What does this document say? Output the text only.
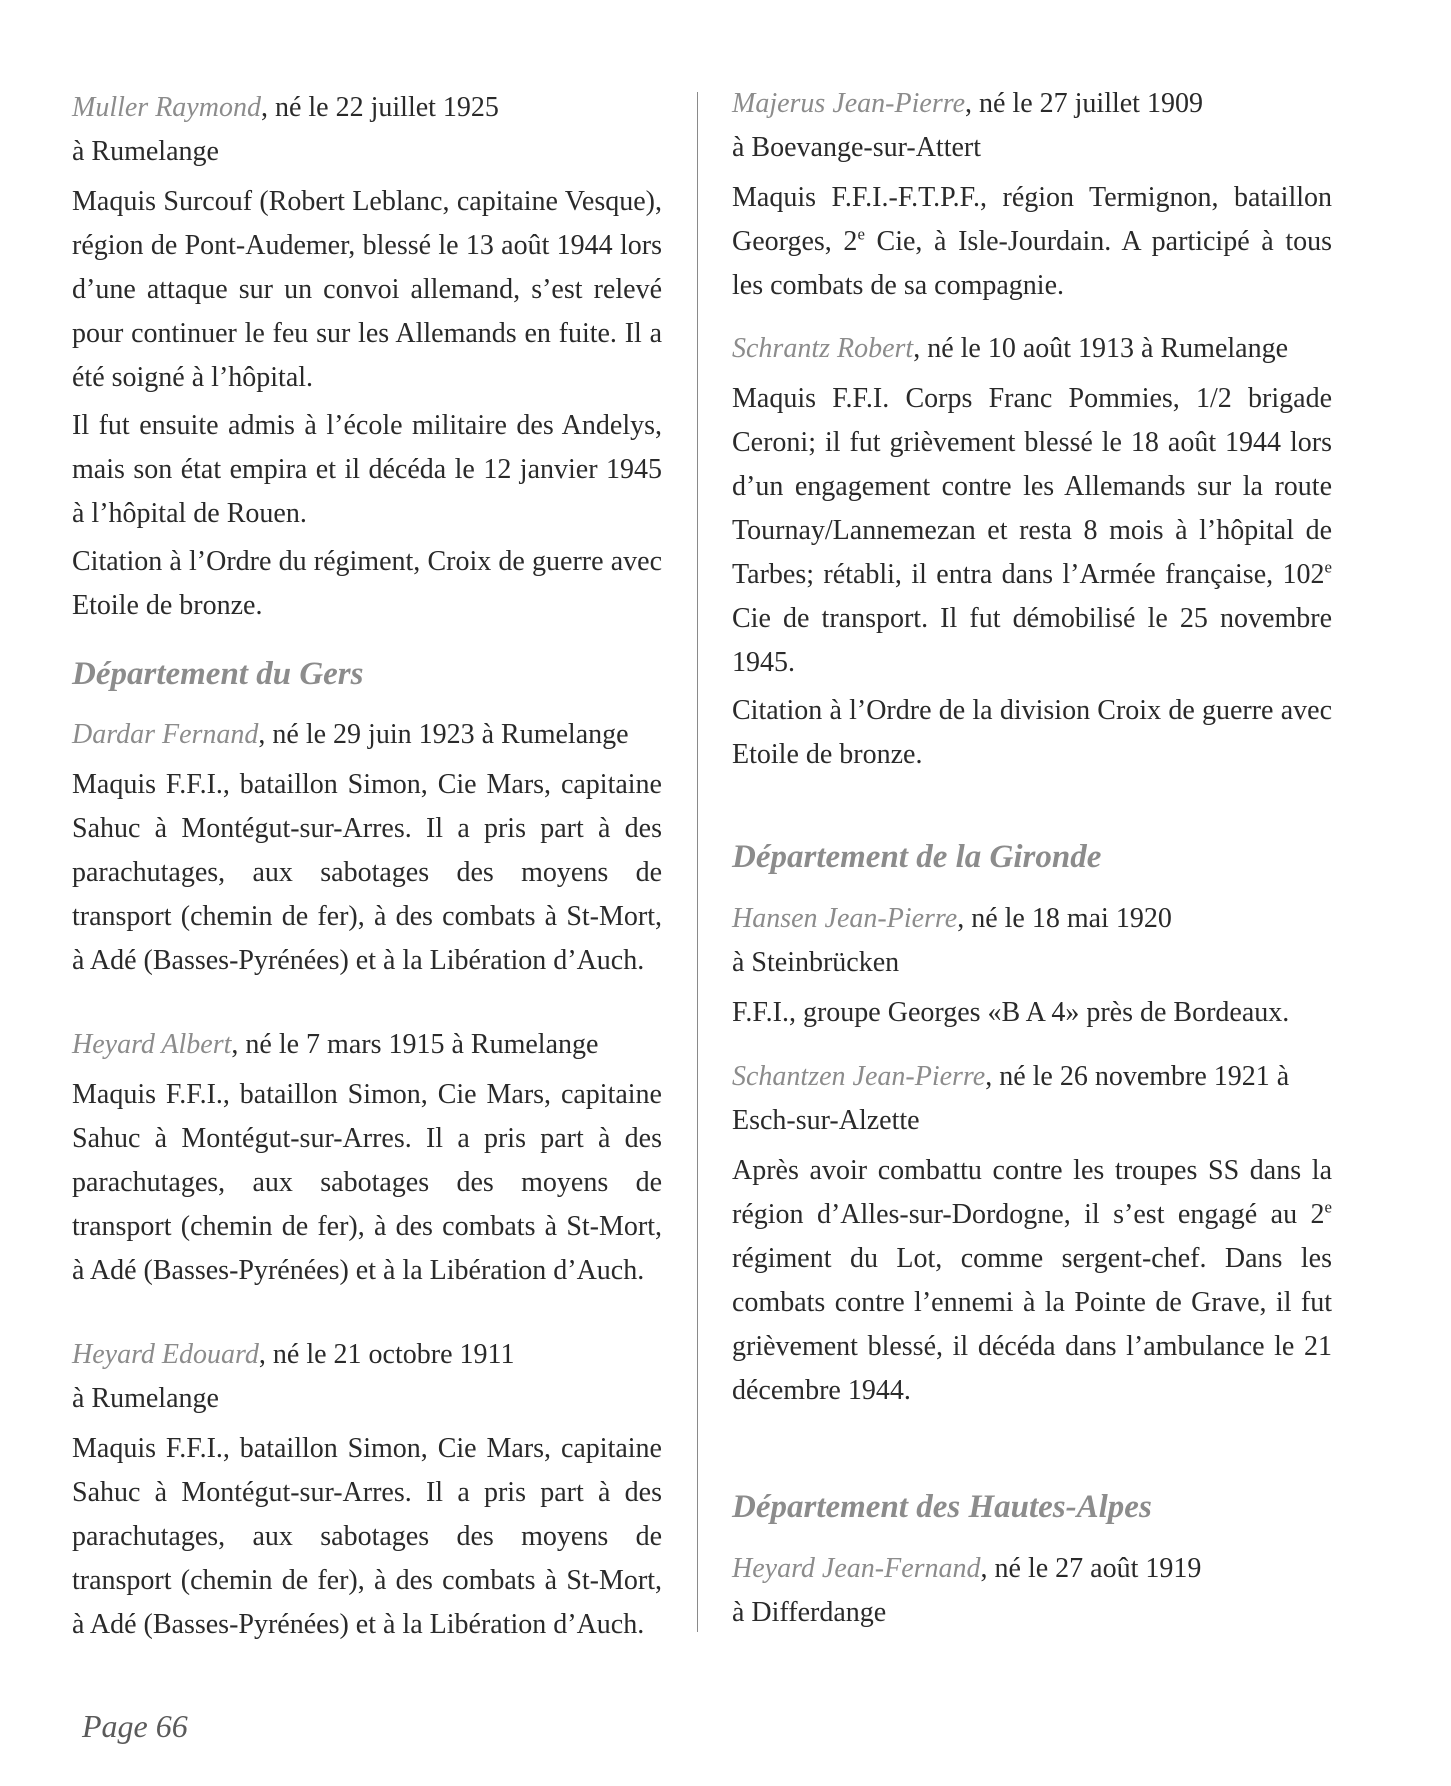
Muller Raymond, né le 22 juillet 1925

à Rumelange

Maquis Surcouf (Robert Leblanc, capitaine Vesque), région de Pont-Audemer, blessé le 13 août 1944 lors d’une attaque sur un convoi allemand, s’est relevé pour continuer le feu sur les Allemands en fuite. Il a été soigné à l’hôpital.

Il fut ensuite admis à l’école militaire des Andelys, mais son état empira et il décéda le 12 janvier 1945 à l’hôpital de Rouen.

Citation à l’Ordre du régiment, Croix de guerre avec Etoile de bronze.

Département du Gers

Dardar Fernand, né le 29 juin 1923 à Rumelange

Maquis F.F.I., bataillon Simon, Cie Mars, capitaine Sahuc à Montégut-sur-Arres. Il a pris part à des parachutages, aux sabotages des moyens de transport (chemin de fer), à des combats à St-Mort, à Adé (Basses-Pyrénées) et à la Libération d’Auch.

Heyard Albert, né le 7 mars 1915 à Rumelange

Maquis F.F.I., bataillon Simon, Cie Mars, capitaine Sahuc à Montégut-sur-Arres. Il a pris part à des parachutages, aux sabotages des moyens de transport (chemin de fer), à des combats à St-Mort, à Adé (Basses-Pyrénées) et à la Libération d’Auch.

Heyard Edouard, né le 21 octobre 1911

à Rumelange

Maquis F.F.I., bataillon Simon, Cie Mars, capitaine Sahuc à Montégut-sur-Arres. Il a pris part à des parachutages, aux sabotages des moyens de transport (chemin de fer), à des combats à St-Mort, à Adé (Basses-Pyrénées) et à la Libération d’Auch.

Majerus Jean-Pierre, né le 27 juillet 1909

à Boevange-sur-Attert

Maquis F.F.I.-F.T.P.F., région Termignon, bataillon Georges, 2e Cie, à Isle-Jourdain. A participé à tous les combats de sa compagnie.

Schrantz Robert, né le 10 août 1913 à Rumelange

Maquis F.F.I. Corps Franc Pommies, 1/2 brigade Ceroni; il fut grièvement blessé le 18 août 1944 lors d’un engagement contre les Allemands sur la route Tournay/Lannemezan et resta 8 mois à l’hôpital de Tarbes; rétabli, il entra dans l’Armée française, 102e Cie de transport. Il fut démobilisé le 25 novembre 1945.

Citation à l’Ordre de la division Croix de guerre avec Etoile de bronze.

Département de la Gironde

Hansen Jean-Pierre, né le 18 mai 1920

à Steinbrücken

F.F.I., groupe Georges «B A 4» près de Bordeaux.

Schantzen Jean-Pierre, né le 26 novembre 1921 à

Esch-sur-Alzette

Après avoir combattu contre les troupes SS dans la région d’Alles-sur-Dordogne, il s’est engagé au 2e régiment du Lot, comme sergent-chef. Dans les combats contre l’ennemi à la Pointe de Grave, il fut grièvement blessé, il décéda dans l’ambulance le 21 décembre 1944.

Département des Hautes-Alpes

Heyard Jean-Fernand, né le 27 août 1919

à Differdange

Page 66
